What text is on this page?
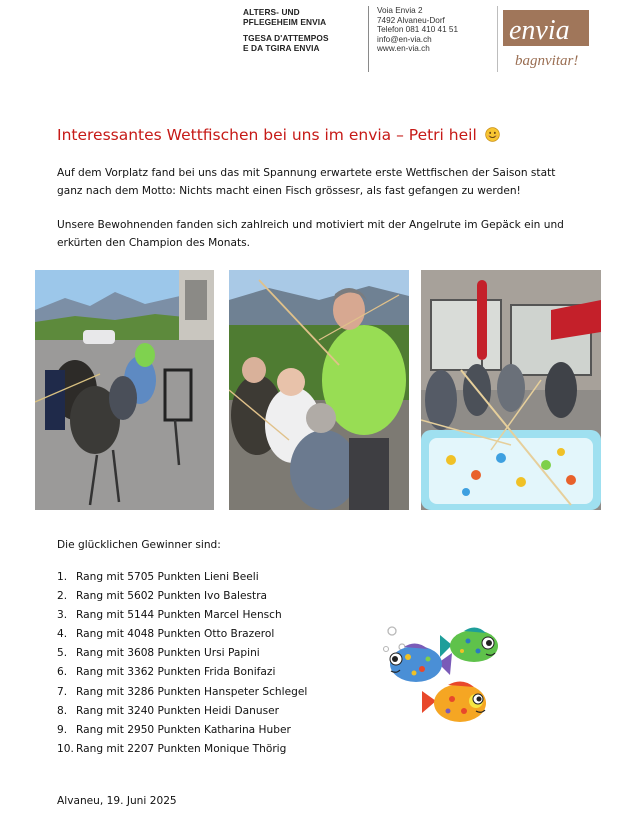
ALTERS- UND
PFLEGEHEIM ENVIA
TGESA D'ATTEMPOS
E DA TGIRA ENVIA
Voia Envia 2
7492 Alvaneu-Dorf
Telefon 081 410 41 51
info@en-via.ch
www.en-via.ch
envia
bagnvitar!
Interessantes Wettfischen bei uns im envia – Petri heil
Auf dem Vorplatz fand bei uns das mit Spannung erwartete erste Wettfischen der Saison statt
ganz nach dem Motto: Nichts macht einen Fisch grössesr, als fast gefangen zu werden!
Unsere Bewohnenden fanden sich zahlreich und motiviert mit der Angelrute im Gepäck ein und
erkürten den Champion des Monats.
Die glücklichen Gewinner sind:
1. Rang mit 5705 Punkten Lieni Beeli
2. Rang mit 5602 Punkten Ivo Balestra
3. Rang mit 5144 Punkten Marcel Hensch
4. Rang mit 4048 Punkten Otto Brazerol
5. Rang mit 3608 Punkten Ursi Papini
6. Rang mit 3362 Punkten Frida Bonifazi
7. Rang mit 3286 Punkten Hanspeter Schlegel
8. Rang mit 3240 Punkten Heidi Danuser
9. Rang mit 2950 Punkten Katharina Huber
10. Rang mit 2207 Punkten Monique Thörig
Alvaneu, 19. Juni 2025
